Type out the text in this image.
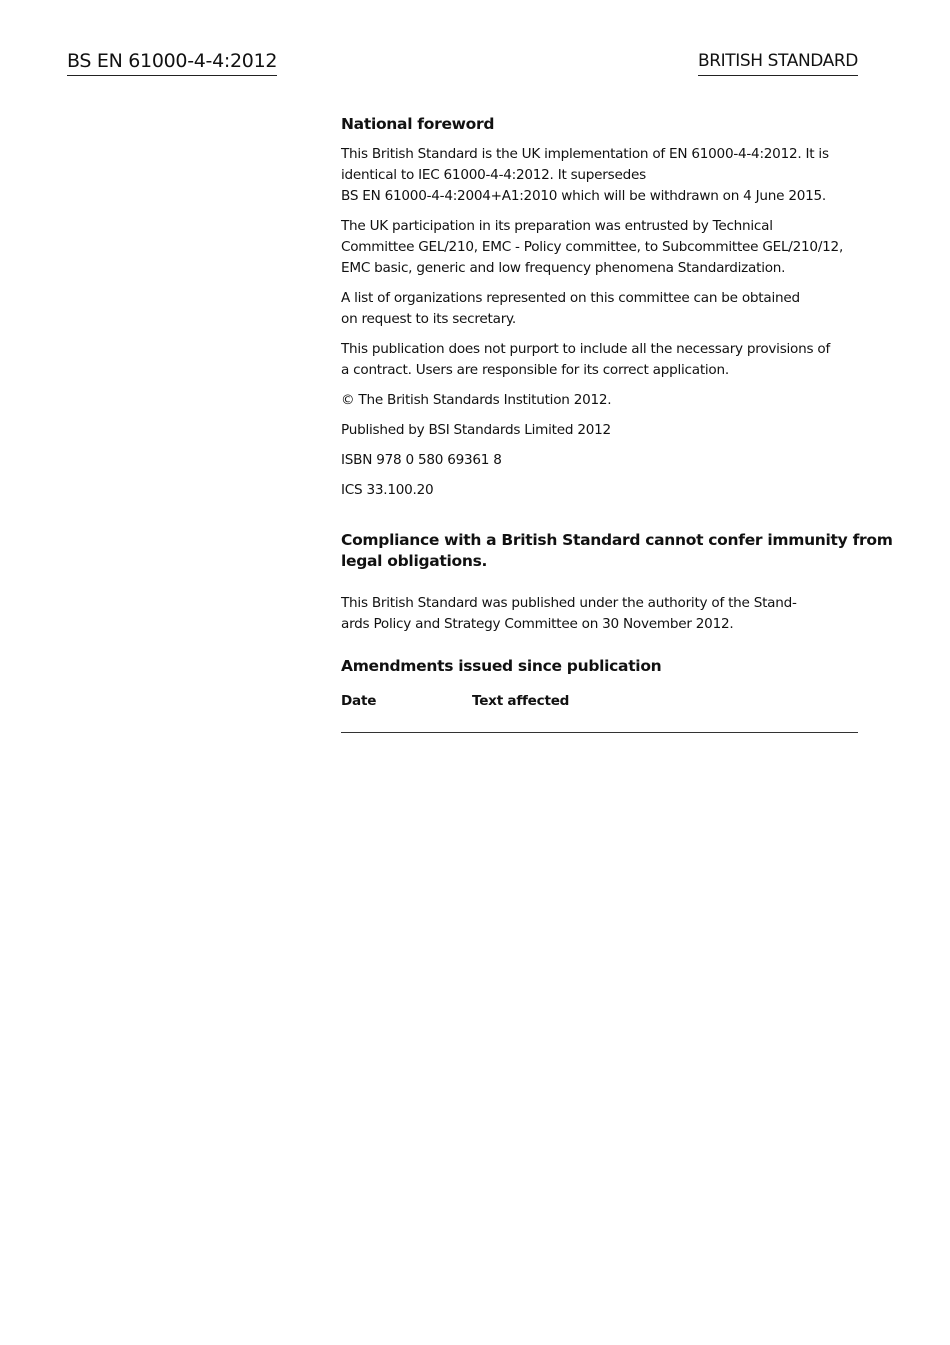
BS EN 61000-4-4:2012	BRITISH STANDARD
National foreword
This British Standard is the UK implementation of EN 61000-4-4:2012. It is
identical to IEC 61000-4-4:2012. It supersedes
BS EN 61000-4-4:2004+A1:2010 which will be withdrawn on 4 June 2015.
The UK participation in its preparation was entrusted by Technical
Committee GEL/210, EMC - Policy committee, to Subcommittee GEL/210/12,
EMC basic, generic and low frequency phenomena Standardization.
A list of organizations represented on this committee can be obtained
on request to its secretary.
This publication does not purport to include all the necessary provisions of
a contract. Users are responsible for its correct application.
© The British Standards Institution 2012.
Published by BSI Standards Limited 2012
ISBN 978 0 580 69361 8
ICS 33.100.20
Compliance with a British Standard cannot confer immunity from
legal obligations.
This British Standard was published under the authority of the Stand-
ards Policy and Strategy Committee on 30 November 2012.
Amendments issued since publication
Date	Text affected
